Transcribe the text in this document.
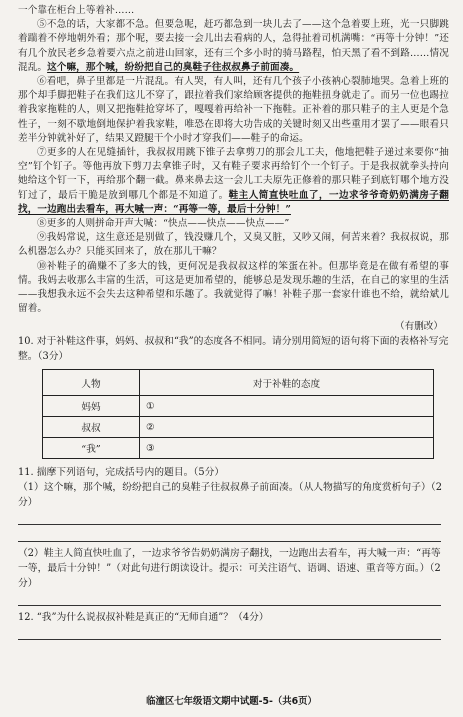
一个靠在柜台上等着补……

⑤不急的话，大家都不急。但要急呢，赶巧都急到一块儿去了——这个急着要上班，光一只脚跳着踹着不停地朝外看；那个呢，要去接一会儿出去看病的人，急得扯着司机满嘴：“再等十分钟！”还有几个放民老乡急着要六点之前进山回家，还有三个多小时的骑马路程，怕天黑了看不到路……情况混乱。这个嘛，那个喊，纷纷把自己的臭鞋子往叔叔鼻子前面凑。

⑥看吧，鼻子里都是一片混乱。有人哭，有人叫，还有几个孩子小孩衲心裂肺地哭。急着上班的那个却手脚把鞋子在我们这儿不穿了，跟拉着我们家给顾客提供的拖鞋扭身就走了。而另一位也踢拉着我家拖鞋的人，则又把拖鞋抢穿坏了，嘎嘎着再给补一下拖鞋。正补着的那只鞋子的主人更是个急性子，一刻不歇地倒地保护着我家鞋，唯恐在即将大功告成的关键时刻又出些重用才罢了——眼看只差半分钟就补好了，结果又蹬腿干个小时才穿我们——鞋子的命运。

⑦更多的人在见缝插针，我叔叔用跳下锥子去拿剪刀的那会儿工夫，他地把鞋子递过来要你“抽空”钉个钉子。等他再放下剪刀去拿锥子时，又有鞋子要求再给钉个一个钉子。于是我叔就拳头持向她给这个钉一下，再给那个翻一截。鼻来鼻去这一会儿工夫原先正修着的那只鞋子到底钉哪个地方没钉过了，最后干脆是放到哪几个都是不知道了。鞋主人简直快吐血了，一边求爷爷奇奶奶满房子翻找，一边跑出去看车，再大喊一声：“再等一等，最后十分钟！”

⑧更多的人则拼命开声大喊：“快点——快点——快点——”

⑨我妈常说，这生意还是别做了，钱没赚几个，又臭又脏，又吵又闹，何苦来着？我叔叔说，那么机器怎么办？只能买回来了，放在那儿干嘛？

⑩补鞋子的确赚不了多大的钱，更何况是我叔叔这样的笨蛋在补。但那毕竟是在做有希望的事情。我妈去收那么丰富的生活，可这是更加希望的，能够总是发现乐趣的生活，在自己的家里的生活——我想我永远不会失去这种希望和乐趣了。我就觉得了嘛！补鞋子那一套家什谁也不给，就给斌儿留着。

（有删改）

10. 对于补鞋这件事，妈妈、叔叔和“我”的态度各不相同。请分别用简短的语句将下面的表格补写完整。（3分）

人物	对于补鞋的态度
妈妈	①
叔叔	②
“我”	③

11. 揣摩下列语句，完成括号内的题目。（5分）

（1）这个嘛，那个喊，纷纷把自己的臭鞋子往叔叔鼻子前面凑。（从人物描写的角度赏析句子）（2分）

（2）鞋主人简直快吐血了，一边求爷爷告奶奶满房子翻找，一边跑出去看车，再大喊一声：“再等一等，最后十分钟！”（对此句进行朗读设计。提示：可关注语气、语调、语速、重音等方面。）（2分）

12. “我”为什么说叔叔补鞋是真正的“无师自通”？（4分）

临潼区七年级语文期中试题-5-（共6页）
